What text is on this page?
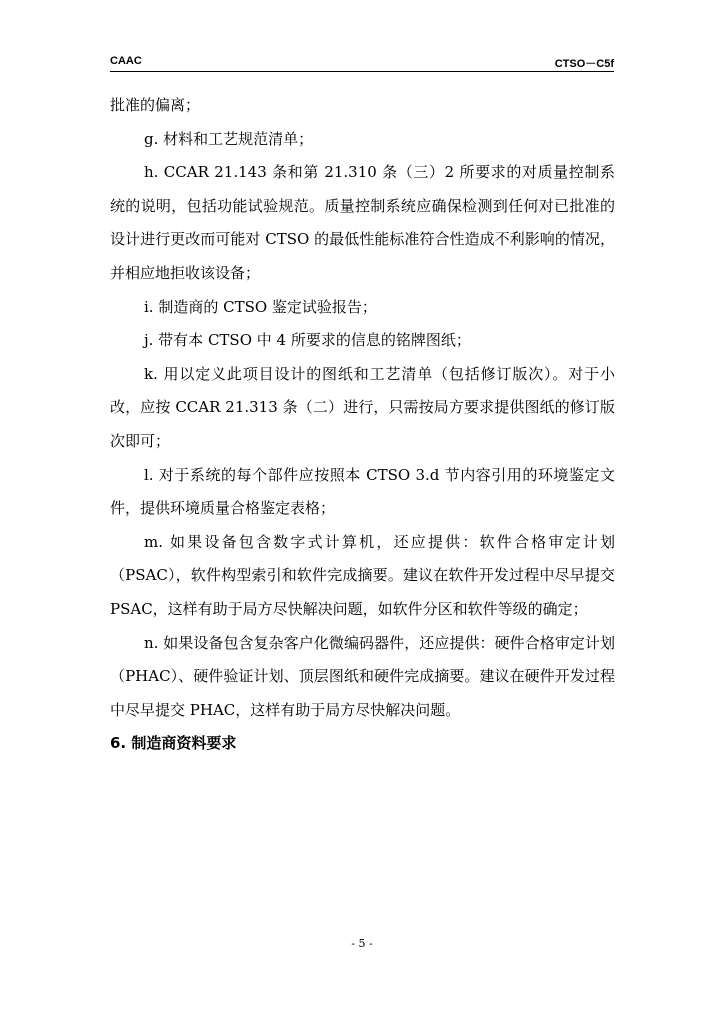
CAAC	CTSO－C5f

批准的偏离；

g. 材料和工艺规范清单；

h. CCAR 21.143 条和第 21.310 条（三）2 所要求的对质量控制系统的说明，包括功能试验规范。质量控制系统应确保检测到任何对已批准的设计进行更改而可能对 CTSO 的最低性能标准符合性造成不利影响的情况，并相应地拒收该设备；

i. 制造商的 CTSO 鉴定试验报告；

j. 带有本 CTSO 中 4 所要求的信息的铭牌图纸；

k. 用以定义此项目设计的图纸和工艺清单（包括修订版次）。对于小改，应按 CCAR 21.313 条（二）进行，只需按局方要求提供图纸的修订版次即可；

l. 对于系统的每个部件应按照本 CTSO 3.d 节内容引用的环境鉴定文件，提供环境质量合格鉴定表格；

m. 如果设备包含数字式计算机，还应提供：软件合格审定计划（PSAC），软件构型索引和软件完成摘要。建议在软件开发过程中尽早提交 PSAC，这样有助于局方尽快解决问题，如软件分区和软件等级的确定；

n. 如果设备包含复杂客户化微编码器件，还应提供：硬件合格审定计划（PHAC）、硬件验证计划、顶层图纸和硬件完成摘要。建议在硬件开发过程中尽早提交 PHAC，这样有助于局方尽快解决问题。

6. 制造商资料要求

- 5 -
